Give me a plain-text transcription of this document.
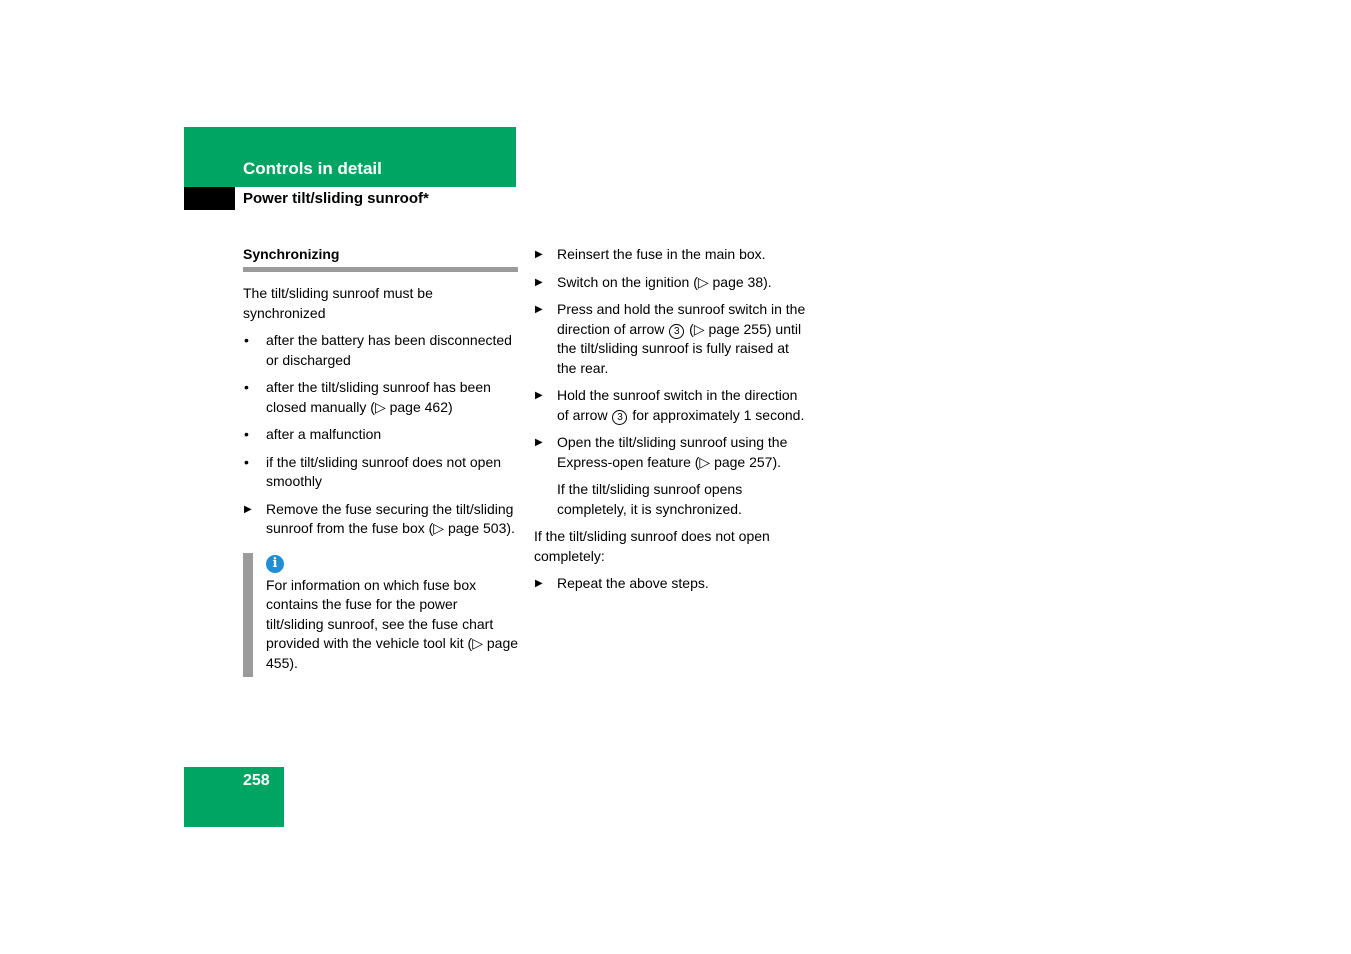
Controls in detail
Power tilt/sliding sunroof*
Synchronizing

The tilt/sliding sunroof must be synchronized

• after the battery has been disconnected or discharged
• after the tilt/sliding sunroof has been closed manually (▷ page 462)
• after a malfunction
• if the tilt/sliding sunroof does not open smoothly
▶ Remove the fuse securing the tilt/sliding sunroof from the fuse box (▷ page 503).
i
For information on which fuse box contains the fuse for the power tilt/sliding sunroof, see the fuse chart provided with the vehicle tool kit (▷ page 455).
▶ Reinsert the fuse in the main box.
▶ Switch on the ignition (▷ page 38).
▶ Press and hold the sunroof switch in the direction of arrow 3 (▷ page 255) until the tilt/sliding sunroof is fully raised at the rear.
▶ Hold the sunroof switch in the direction of arrow 3 for approximately 1 second.
▶ Open the tilt/sliding sunroof using the Express-open feature (▷ page 257).
If the tilt/sliding sunroof opens completely, it is synchronized.

If the tilt/sliding sunroof does not open completely:

▶ Repeat the above steps.
258
